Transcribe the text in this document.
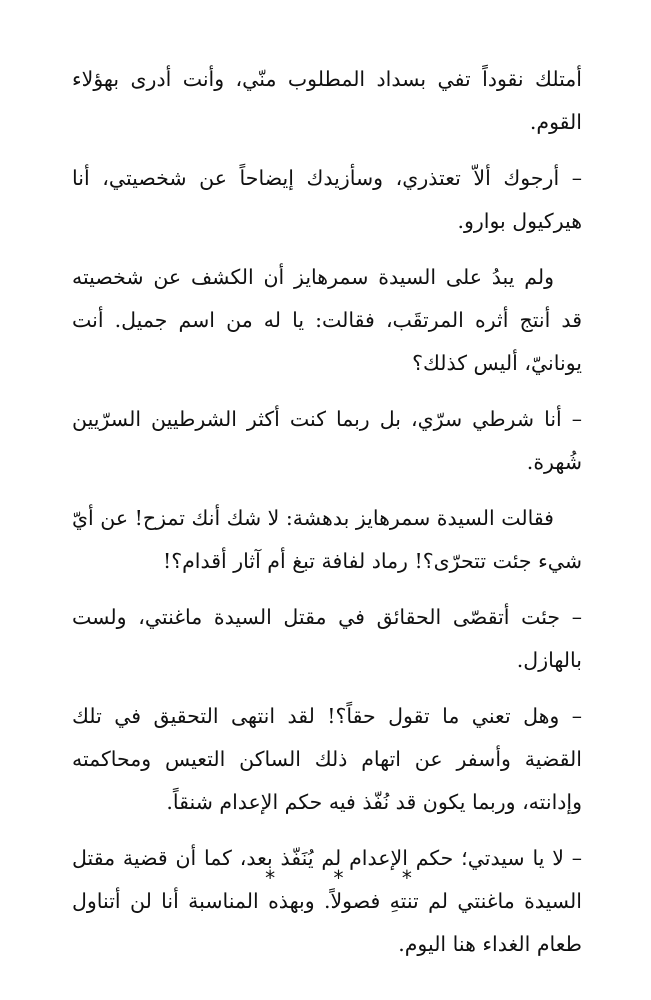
أمتلك نقوداً تفي بسداد المطلوب منّي، وأنت أدرى بهؤلاء القوم.

– أرجوك ألاّ تعتذري، وسأزيدك إيضاحاً عن شخصيتي، أنا هيركيول بوارو.

ولم يبدُ على السيدة سمرهايز أن الكشف عن شخصيته قد أنتج أثره المرتقَب، فقالت: يا له من اسم جميل. أنت يونانيّ، أليس كذلك؟

– أنا شرطي سرّي، بل ربما كنت أكثر الشرطيين السرّيين شُهرة.

فقالت السيدة سمرهايز بدهشة: لا شك أنك تمزح! عن أيّ شيء جئت تتحرّى؟! رماد لفافة تبغ أم آثار أقدام؟!

– جئت أتقصّى الحقائق في مقتل السيدة ماغنتي، ولست بالهازل.

– وهل تعني ما تقول حقاً؟! لقد انتهى التحقيق في تلك القضية وأسفر عن اتهام ذلك الساكن التعيس ومحاكمته وإدانته، وربما يكون قد نُفّذ فيه حكم الإعدام شنقاً.

– لا يا سيدتي؛ حكم الإعدام لم يُنَفّذ بعد، كما أن قضية مقتل السيدة ماغنتي لم تنتهِ فصولاً. وبهذه المناسبة أنا لن أتناول طعام الغداء هنا اليوم.

* * *
